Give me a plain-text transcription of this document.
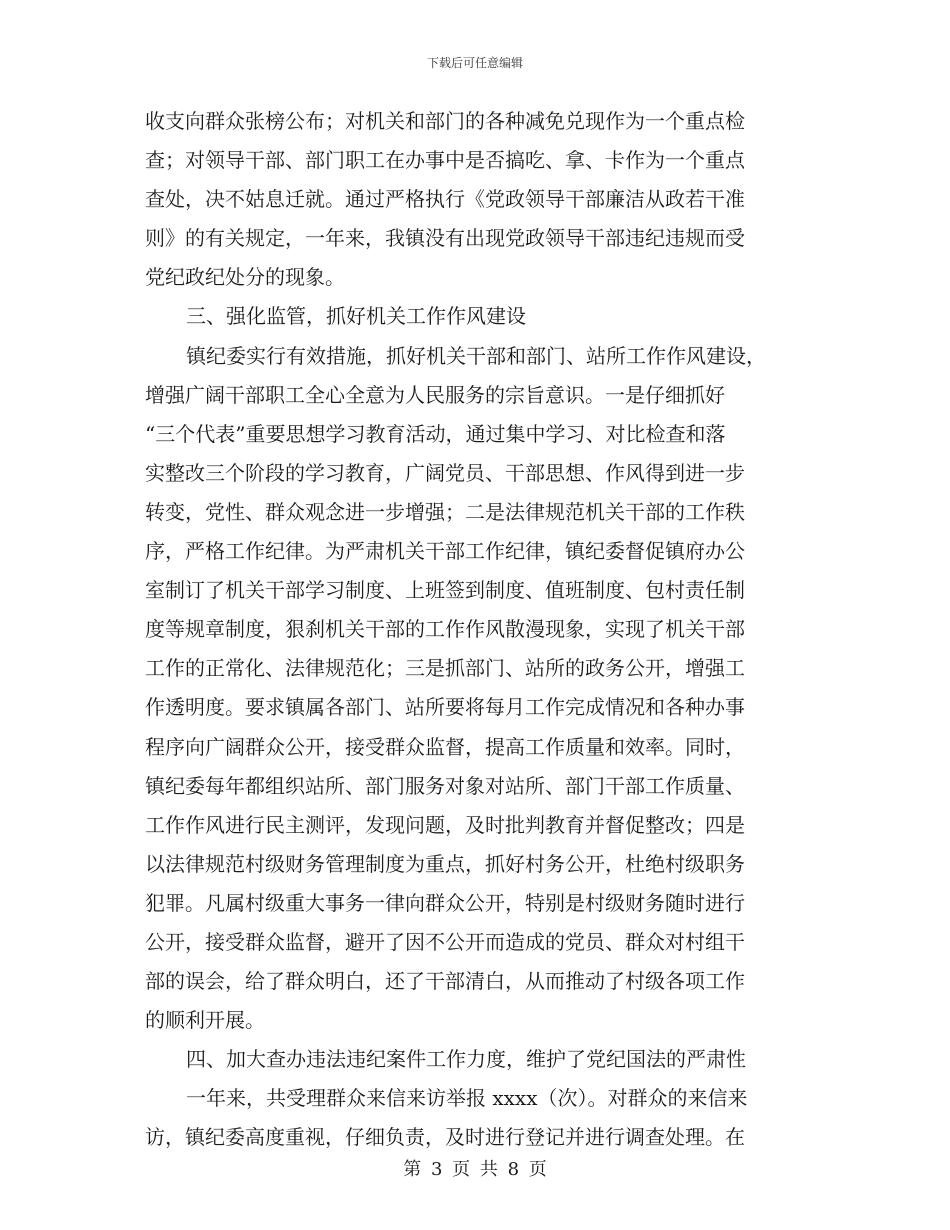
下载后可任意编辑
收支向群众张榜公布；对机关和部门的各种减免兑现作为一个重点检
查；对领导干部、部门职工在办事中是否搞吃、拿、卡作为一个重点
查处，决不姑息迁就。通过严格执行《党政领导干部廉洁从政若干准
则》的有关规定，一年来，我镇没有出现党政领导干部违纪违规而受
党纪政纪处分的现象。
三、强化监管，抓好机关工作作风建设
镇纪委实行有效措施，抓好机关干部和部门、站所工作作风建设，
增强广阔干部职工全心全意为人民服务的宗旨意识。一是仔细抓好
“三个代表”重要思想学习教育活动，通过集中学习、对比检查和落
实整改三个阶段的学习教育，广阔党员、干部思想、作风得到进一步
转变，党性、群众观念进一步增强；二是法律规范机关干部的工作秩
序，严格工作纪律。为严肃机关干部工作纪律，镇纪委督促镇府办公
室制订了机关干部学习制度、上班签到制度、值班制度、包村责任制
度等规章制度，狠刹机关干部的工作作风散漫现象，实现了机关干部
工作的正常化、法律规范化；三是抓部门、站所的政务公开，增强工
作透明度。要求镇属各部门、站所要将每月工作完成情况和各种办事
程序向广阔群众公开，接受群众监督，提高工作质量和效率。同时，
镇纪委每年都组织站所、部门服务对象对站所、部门干部工作质量、
工作作风进行民主测评，发现问题，及时批判教育并督促整改；四是
以法律规范村级财务管理制度为重点，抓好村务公开，杜绝村级职务
犯罪。凡属村级重大事务一律向群众公开，特别是村级财务随时进行
公开，接受群众监督，避开了因不公开而造成的党员、群众对村组干
部的误会，给了群众明白，还了干部清白，从而推动了村级各项工作
的顺利开展。
四、加大查办违法违纪案件工作力度，维护了党纪国法的严肃性
一年来，共受理群众来信来访举报 xxxx（次）。对群众的来信来
访，镇纪委高度重视，仔细负责，及时进行登记并进行调查处理。在
第 3 页 共 8 页
